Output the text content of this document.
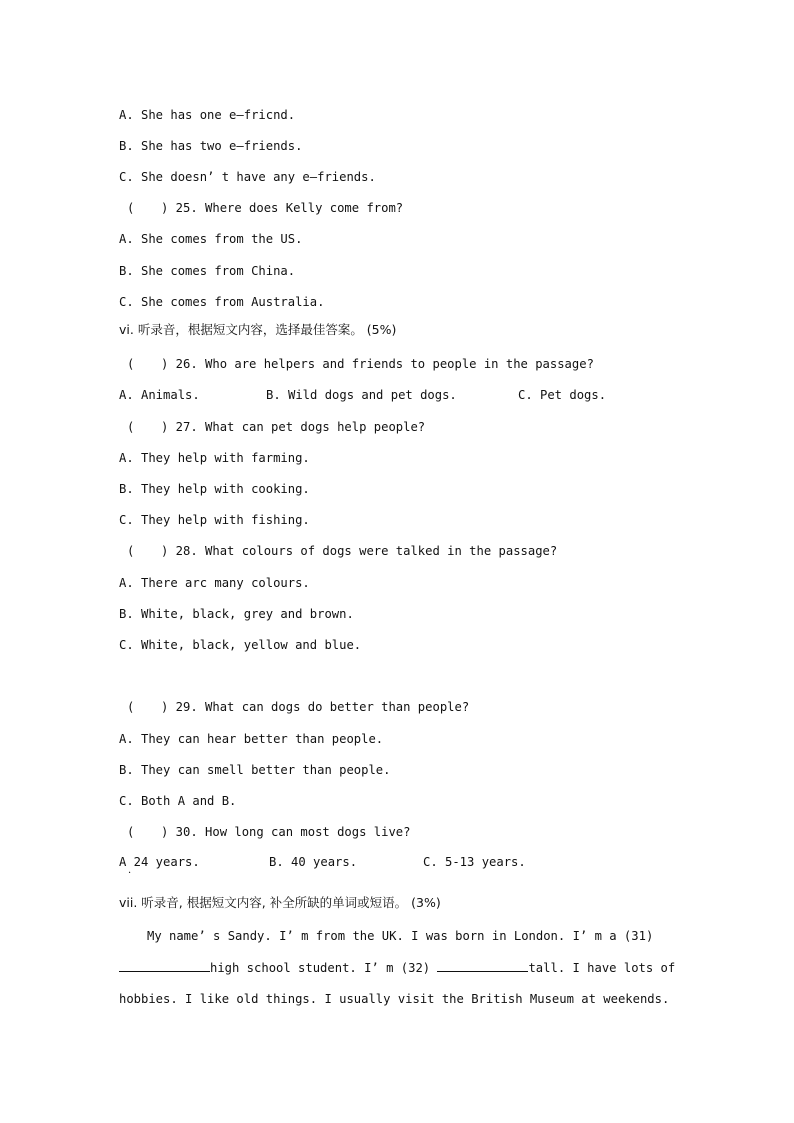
A. She has one e—fricnd.
B. She has two e—friends.
C. She doesn’ t have any e—friends.
( ) 25. Where does Kelly come from?
A. She comes from the US.
B. She comes from China.
C. She comes from Australia.
vi. 听录音，根据短文内容，选择最佳答案。 (5%)
( ) 26. Who are helpers and friends to people in the passage?

A. Animals.

	B. Wild dogs and pet dogs.

	C. Pet dogs.

( ) 27. What can pet dogs help people?
A. They help with farming.
B. They help with cooking.
C. They help with fishing.
( ) 28. What colours of dogs were talked in the passage?
A. There arc many colours.
B. White, black, grey and brown.
C. White, black, yellow and blue.
( ) 29. What can dogs do better than people?
A. They can hear better than people.
B. They can smell better than people.
C. Both A and B.
( ) 30. How long can most dogs live?

A 24 years.

	B. 40 years.

	C. 5-13 years.

·
vii. 听录音, 根据短文内容, 补全所缺的单词或短语。 (3%)
My name’ s Sandy. I’ m from the UK. I was born in London. I’ m a (31)
high school student. I’ m (32)	tall. I have lots of
hobbies. I like old things. I usually visit the British Museum at weekends.
